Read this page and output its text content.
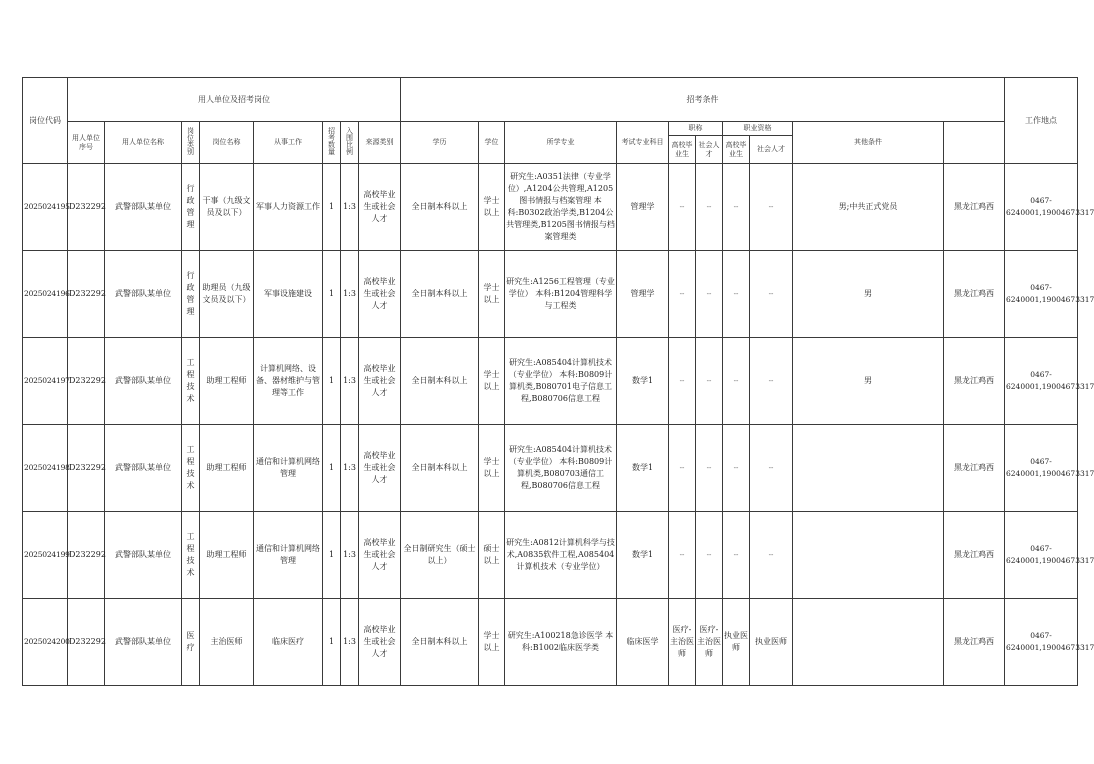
岗位代码	用人单位及招考岗位								招考条件										工作地点	
	用人单位序号	用人单位名称	岗位类别	岗位名称	从事工作	招考数量	入围比例	来源类别	学历	学位	所学专业	考试专业科目	职称		职业资格		其他条件			
													高校毕业生	社会人才	高校毕业生	社会人才				
2025024195	D232292	武警部队某单位	行政管理	干事（九级文员及以下）	军事人力资源工作	1	1:3	高校毕业生或社会人才	全日制本科以上	学士以上	研究生:A0351法律（专业学位）,A1204公共管理,A1205图书情报与档案管理 本科:B0302政治学类,B1204公共管理类,B1205图书情报与档案管理类	管理学	--	--	--	--	男;中共正式党员	黑龙江鸡西	0467-6240001,19004673317	
2025024196	D232292	武警部队某单位	行政管理	助理员（九级文员及以下）	军事设施建设	1	1:3	高校毕业生或社会人才	全日制本科以上	学士以上	研究生:A1256工程管理（专业学位） 本科:B1204管理科学与工程类	管理学	--	--	--	--	男	黑龙江鸡西	0467-6240001,19004673317	
2025024197	D232292	武警部队某单位	工程技术	助理工程师	计算机网络、设备、器材维护与管理等工作	1	1:3	高校毕业生或社会人才	全日制本科以上	学士以上	研究生:A085404计算机技术（专业学位） 本科:B0809计算机类,B080701电子信息工程,B080706信息工程	数学1	--	--	--	--	男	黑龙江鸡西	0467-6240001,19004673317	
2025024198	D232292	武警部队某单位	工程技术	助理工程师	通信和计算机网络管理	1	1:3	高校毕业生或社会人才	全日制本科以上	学士以上	研究生:A085404计算机技术（专业学位） 本科:B0809计算机类,B080703通信工程,B080706信息工程	数学1	--	--	--	--		黑龙江鸡西	0467-6240001,19004673317	
2025024199	D232292	武警部队某单位	工程技术	助理工程师	通信和计算机网络管理	1	1:3	高校毕业生或社会人才	全日制研究生（硕士以上）	硕士以上	研究生:A0812计算机科学与技术,A0835软件工程,A085404计算机技术（专业学位）	数学1	--	--	--	--		黑龙江鸡西	0467-6240001,19004673317	
2025024200	D232292	武警部队某单位	医疗	主治医师	临床医疗	1	1:3	高校毕业生或社会人才	全日制本科以上	学士以上	研究生:A100218急诊医学 本科:B1002临床医学类	临床医学	医疗-主治医师	医疗-主治医师	执业医师	执业医师		黑龙江鸡西	0467-6240001,19004673317	
